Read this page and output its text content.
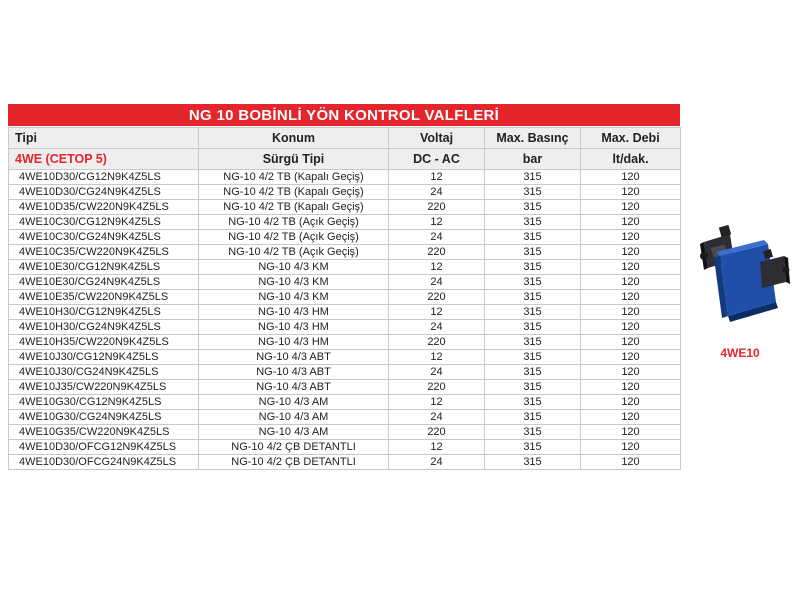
NG 10 BOBİNLİ YÖN KONTROL VALFLERİ
Tipi	Konum	Voltaj	Max. Basınç	Max. Debi
4WE (CETOP 5)	Sürgü Tipi	DC - AC	bar	lt/dak.
4WE10D30/CG12N9K4Z5LS	NG-10 4/2 TB (Kapalı Geçiş)	12	315	120
4WE10D30/CG24N9K4Z5LS	NG-10 4/2 TB (Kapalı Geçiş)	24	315	120
4WE10D35/CW220N9K4Z5LS	NG-10 4/2 TB (Kapalı Geçiş)	220	315	120
4WE10C30/CG12N9K4Z5LS	NG-10 4/2 TB (Açık Geçiş)	12	315	120
4WE10C30/CG24N9K4Z5LS	NG-10 4/2 TB (Açık Geçiş)	24	315	120
4WE10C35/CW220N9K4Z5LS	NG-10 4/2 TB (Açık Geçiş)	220	315	120
4WE10E30/CG12N9K4Z5LS	NG-10 4/3 KM	12	315	120
4WE10E30/CG24N9K4Z5LS	NG-10 4/3 KM	24	315	120
4WE10E35/CW220N9K4Z5LS	NG-10 4/3 KM	220	315	120
4WE10H30/CG12N9K4Z5LS	NG-10 4/3 HM	12	315	120
4WE10H30/CG24N9K4Z5LS	NG-10 4/3 HM	24	315	120
4WE10H35/CW220N9K4Z5LS	NG-10 4/3 HM	220	315	120
4WE10J30/CG12N9K4Z5LS	NG-10 4/3 ABT	12	315	120
4WE10J30/CG24N9K4Z5LS	NG-10 4/3 ABT	24	315	120
4WE10J35/CW220N9K4Z5LS	NG-10 4/3 ABT	220	315	120
4WE10G30/CG12N9K4Z5LS	NG-10 4/3 AM	12	315	120
4WE10G30/CG24N9K4Z5LS	NG-10 4/3 AM	24	315	120
4WE10G35/CW220N9K4Z5LS	NG-10 4/3 AM	220	315	120
4WE10D30/OFCG12N9K4Z5LS	NG-10 4/2 ÇB DETANTLI	12	315	120
4WE10D30/OFCG24N9K4Z5LS	NG-10 4/2 ÇB DETANTLI	24	315	120
4WE10
